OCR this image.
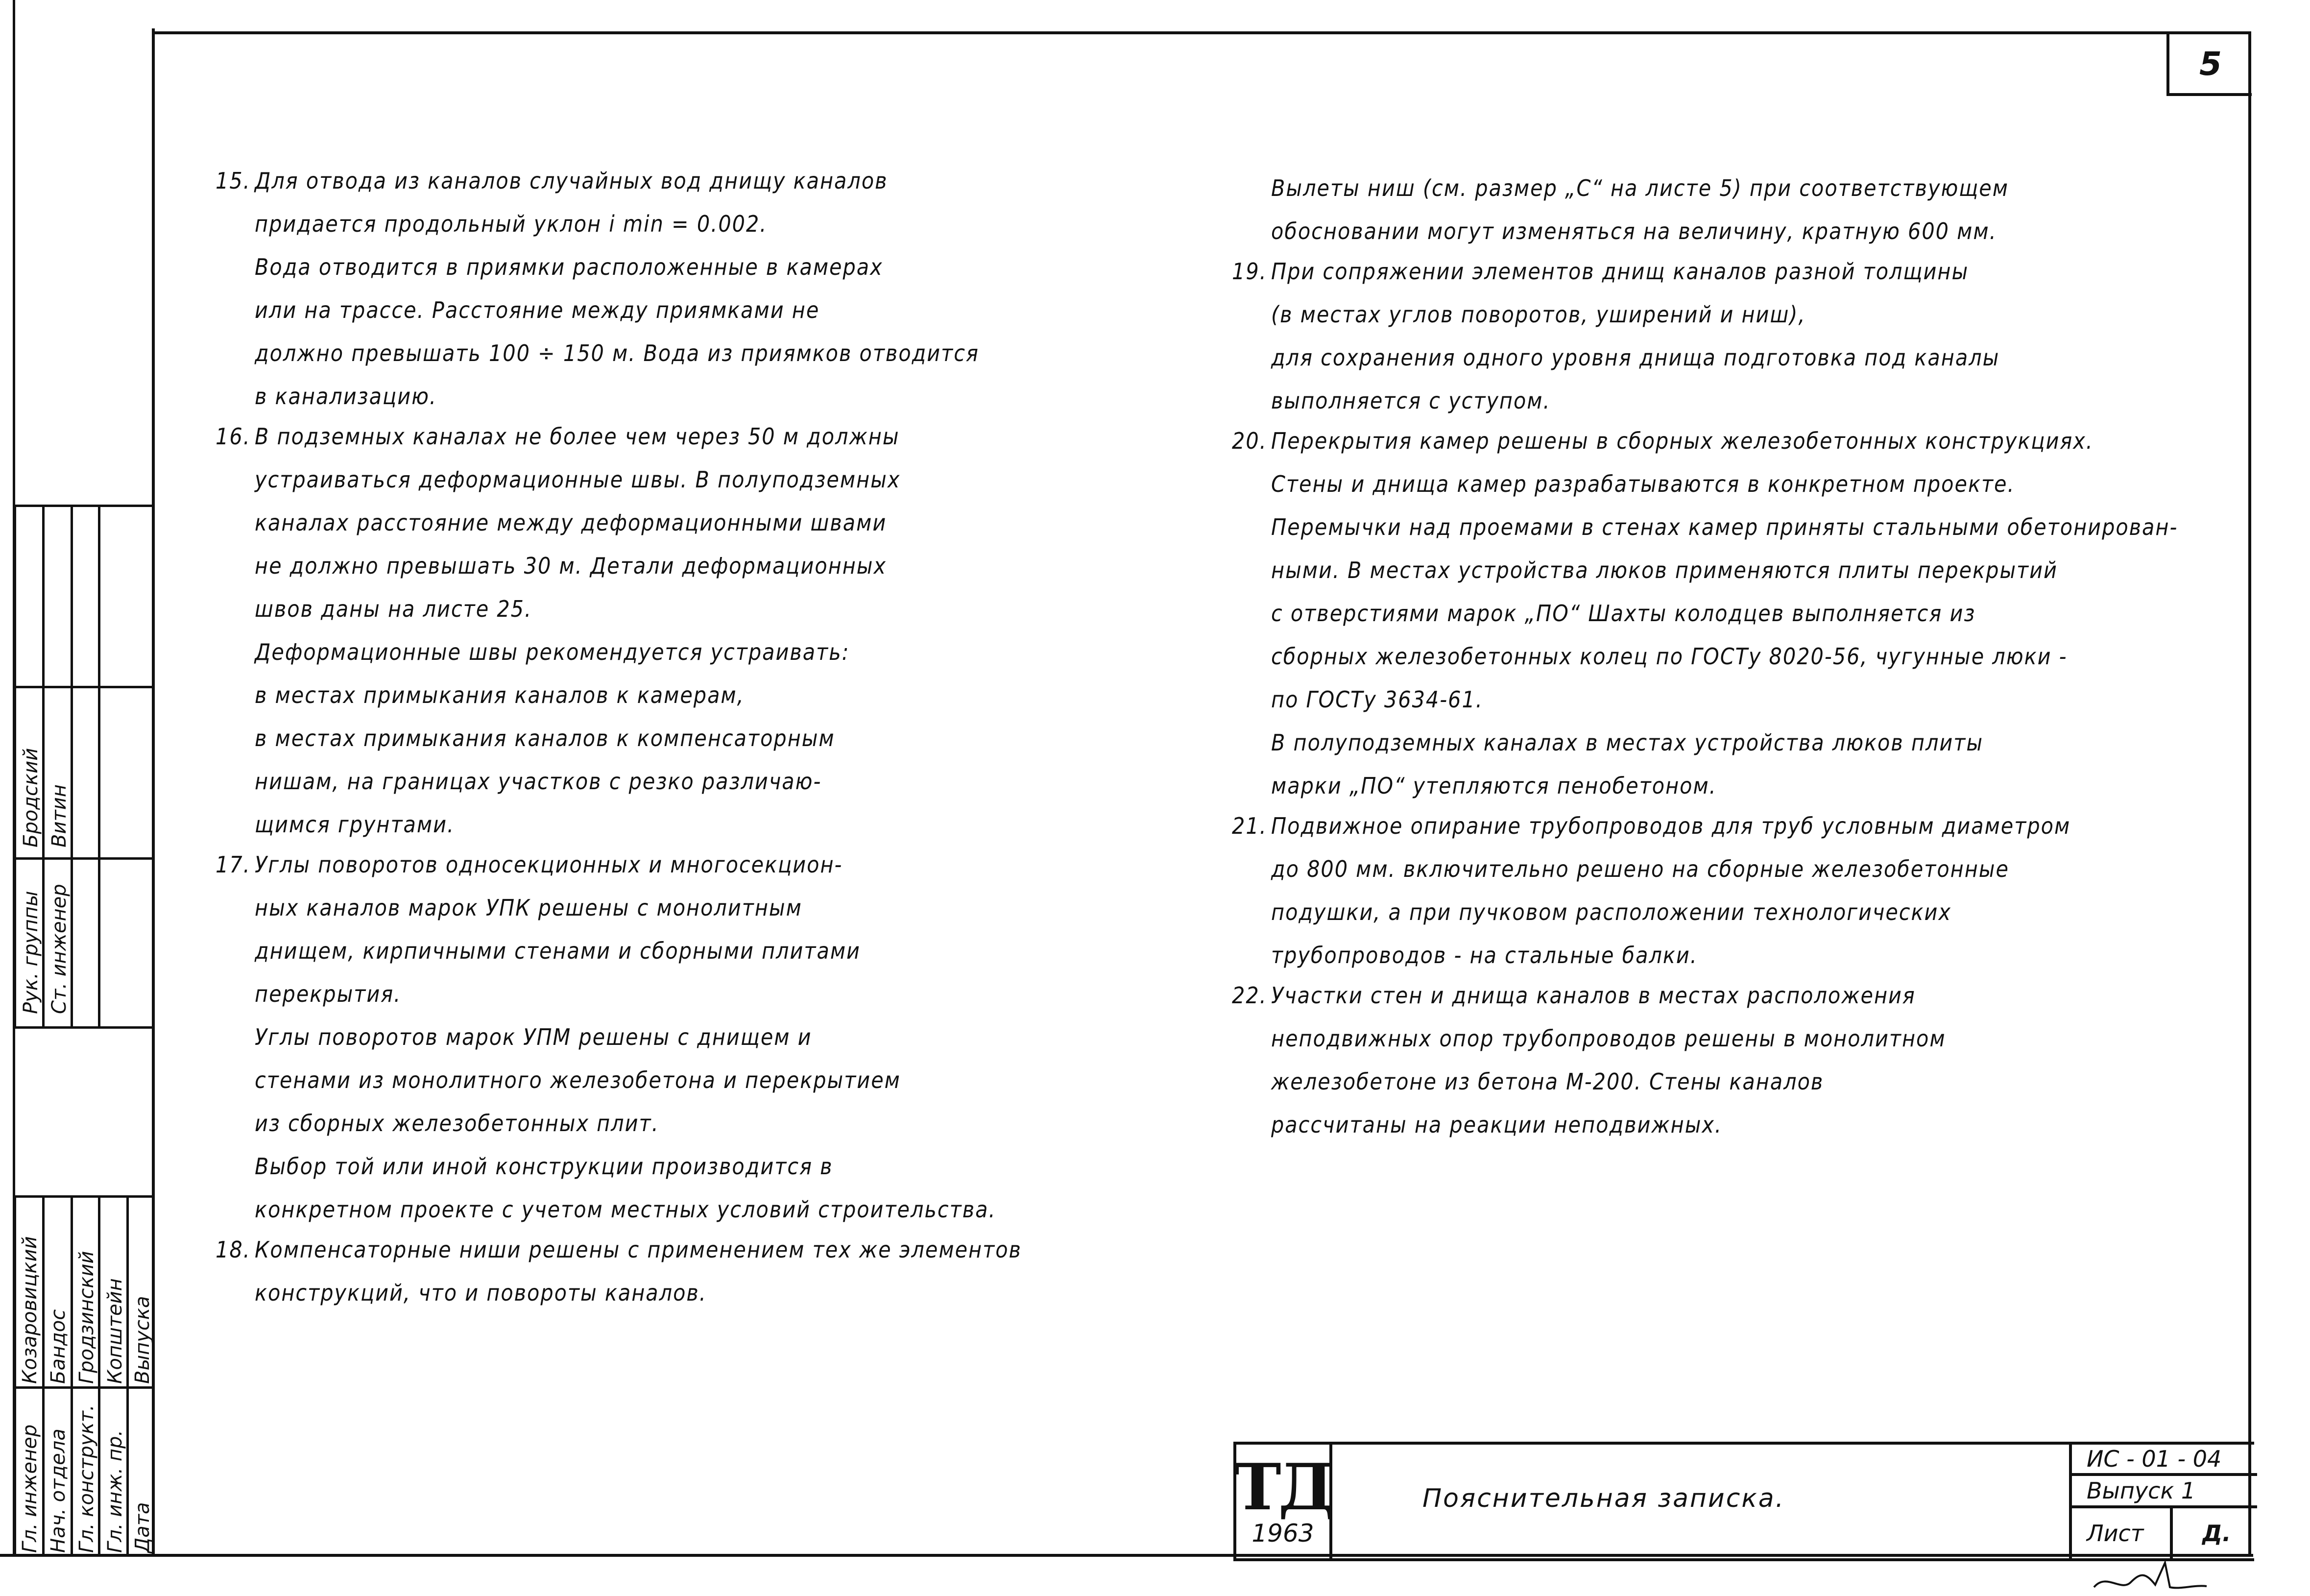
5
15. Для отвода из каналов случайных вод днищу каналов
придается продольный уклон i min = 0.002.
Вода отводится в приямки расположенные в камерах
или на трассе. Расстояние между приямками не
должно превышать 100 ÷ 150 м. Вода из приямков отводится
в канализацию.
16. В подземных каналах не более чем через 50 м должны
устраиваться деформационные швы. В полуподземных
каналах расстояние между деформационными швами
не должно превышать 30 м. Детали деформационных
швов даны на листе 25.
Деформационные швы рекомендуется устраивать:
в местах примыкания каналов к камерам,
в местах примыкания каналов к компенсаторным
нишам, на границах участков с резко различаю-
щимся грунтами.
17. Углы поворотов односекционных и многосекцион-
ных каналов марок УПК решены с монолитным
днищем, кирпичными стенами и сборными плитами
перекрытия.
Углы поворотов марок УПМ решены с днищем и
стенами из монолитного железобетона и перекрытием
из сборных железобетонных плит.
Выбор той или иной конструкции производится в
конкретном проекте с учетом местных условий строительства.
18. Компенсаторные ниши решены с применением тех же элементов
конструкций, что и повороты каналов.
Вылеты ниш (см. размер „С“ на листе 5) при соответствующем
обосновании могут изменяться на величину, кратную 600 мм.
19. При сопряжении элементов днищ каналов разной толщины
(в местах углов поворотов, уширений и ниш),
для сохранения одного уровня днища подготовка под каналы
выполняется с уступом.
20. Перекрытия камер решены в сборных железобетонных конструкциях.
Стены и днища камер разрабатываются в конкретном проекте.
Перемычки над проемами в стенах камер приняты стальными обетонирован-
ными. В местах устройства люков применяются плиты перекрытий
с отверстиями марок „ПО“ Шахты колодцев выполняется из
сборных железобетонных колец по ГОСТу 8020-56, чугунные люки -
по ГОСТу 3634-61.
В полуподземных каналах в местах устройства люков плиты
марки „ПО“ утепляются пенобетоном.
21. Подвижное опирание трубопроводов для труб условным диаметром
до 800 мм. включительно решено на сборные железобетонные
подушки, а при пучковом расположении технологических
трубопроводов - на стальные балки.
22. Участки стен и днища каналов в местах расположения
неподвижных опор трубопроводов решены в монолитном
железобетоне из бетона М-200. Стены каналов
рассчитаны на реакции неподвижных.
Рук. группы Ст. инженер
Бродский Витин
Гл. инженер Нач. отдела Гл. конструкт. Гл. инж. пр. Дата
Козаровицкий Бандос Гродзинский Копштейн Выпуска
ТД
1963
Пояснительная записка.
ИС - 01 - 04
Выпуск 1
Лист	Д.
